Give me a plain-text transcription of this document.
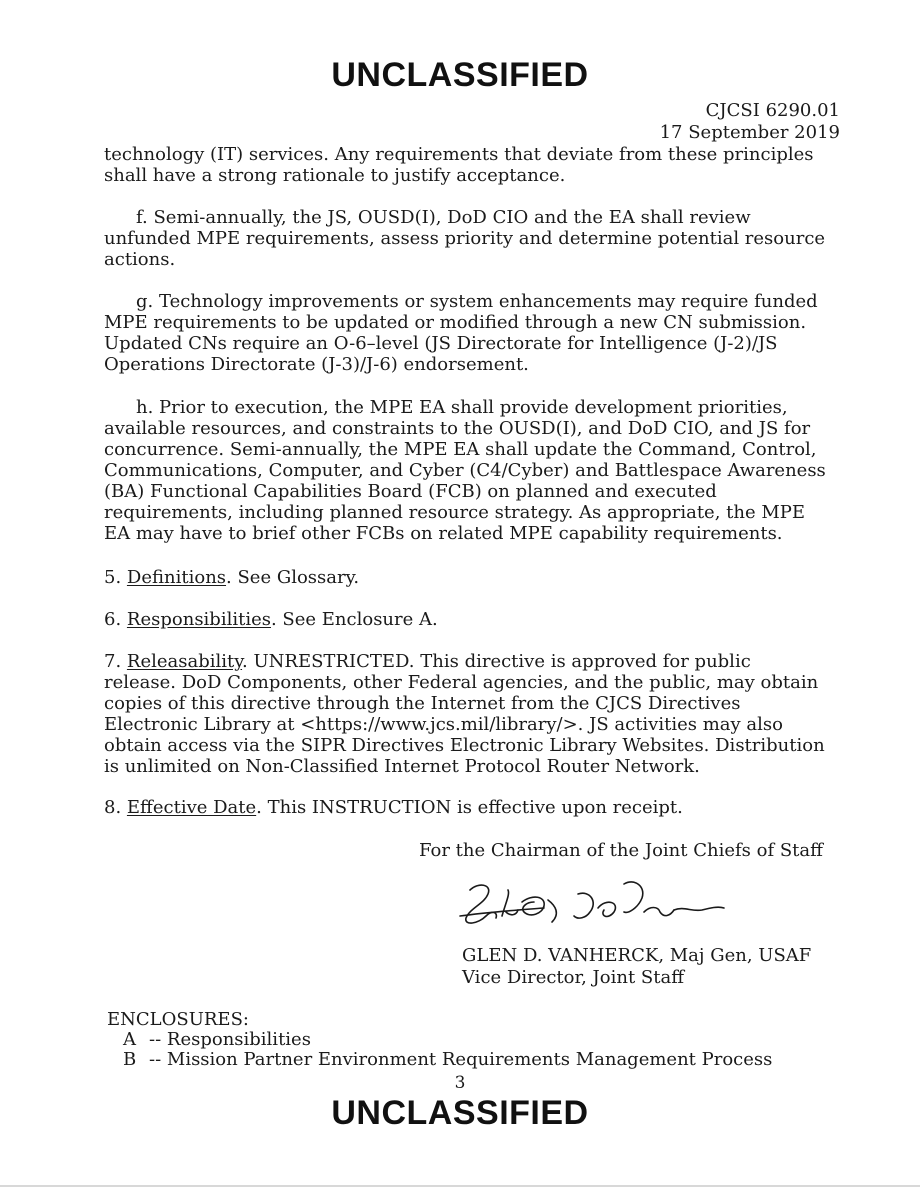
UNCLASSIFIED
CJCSI 6290.01
17 September 2019

technology (IT) services. Any requirements that deviate from these principles shall have a strong rationale to justify acceptance.

f. Semi-annually, the JS, OUSD(I), DoD CIO and the EA shall review unfunded MPE requirements, assess priority and determine potential resource actions.

g. Technology improvements or system enhancements may require funded MPE requirements to be updated or modified through a new CN submission. Updated CNs require an O-6–level (JS Directorate for Intelligence (J-2)/JS Operations Directorate (J-3)/J-6) endorsement.

h. Prior to execution, the MPE EA shall provide development priorities, available resources, and constraints to the OUSD(I), and DoD CIO, and JS for concurrence. Semi-annually, the MPE EA shall update the Command, Control, Communications, Computer, and Cyber (C4/Cyber) and Battlespace Awareness (BA) Functional Capabilities Board (FCB) on planned and executed requirements, including planned resource strategy. As appropriate, the MPE EA may have to brief other FCBs on related MPE capability requirements.

5. Definitions. See Glossary.

6. Responsibilities. See Enclosure A.

7. Releasability. UNRESTRICTED. This directive is approved for public release. DoD Components, other Federal agencies, and the public, may obtain copies of this directive through the Internet from the CJCS Directives Electronic Library at <https://www.jcs.mil/library/>. JS activities may also obtain access via the SIPR Directives Electronic Library Websites. Distribution is unlimited on Non-Classified Internet Protocol Router Network.

8. Effective Date. This INSTRUCTION is effective upon receipt.

For the Chairman of the Joint Chiefs of Staff
GLEN D. VANHERCK, Maj Gen, USAF
Vice Director, Joint Staff
ENCLOSURES:
A -- Responsibilities
B -- Mission Partner Environment Requirements Management Process
3
UNCLASSIFIED
